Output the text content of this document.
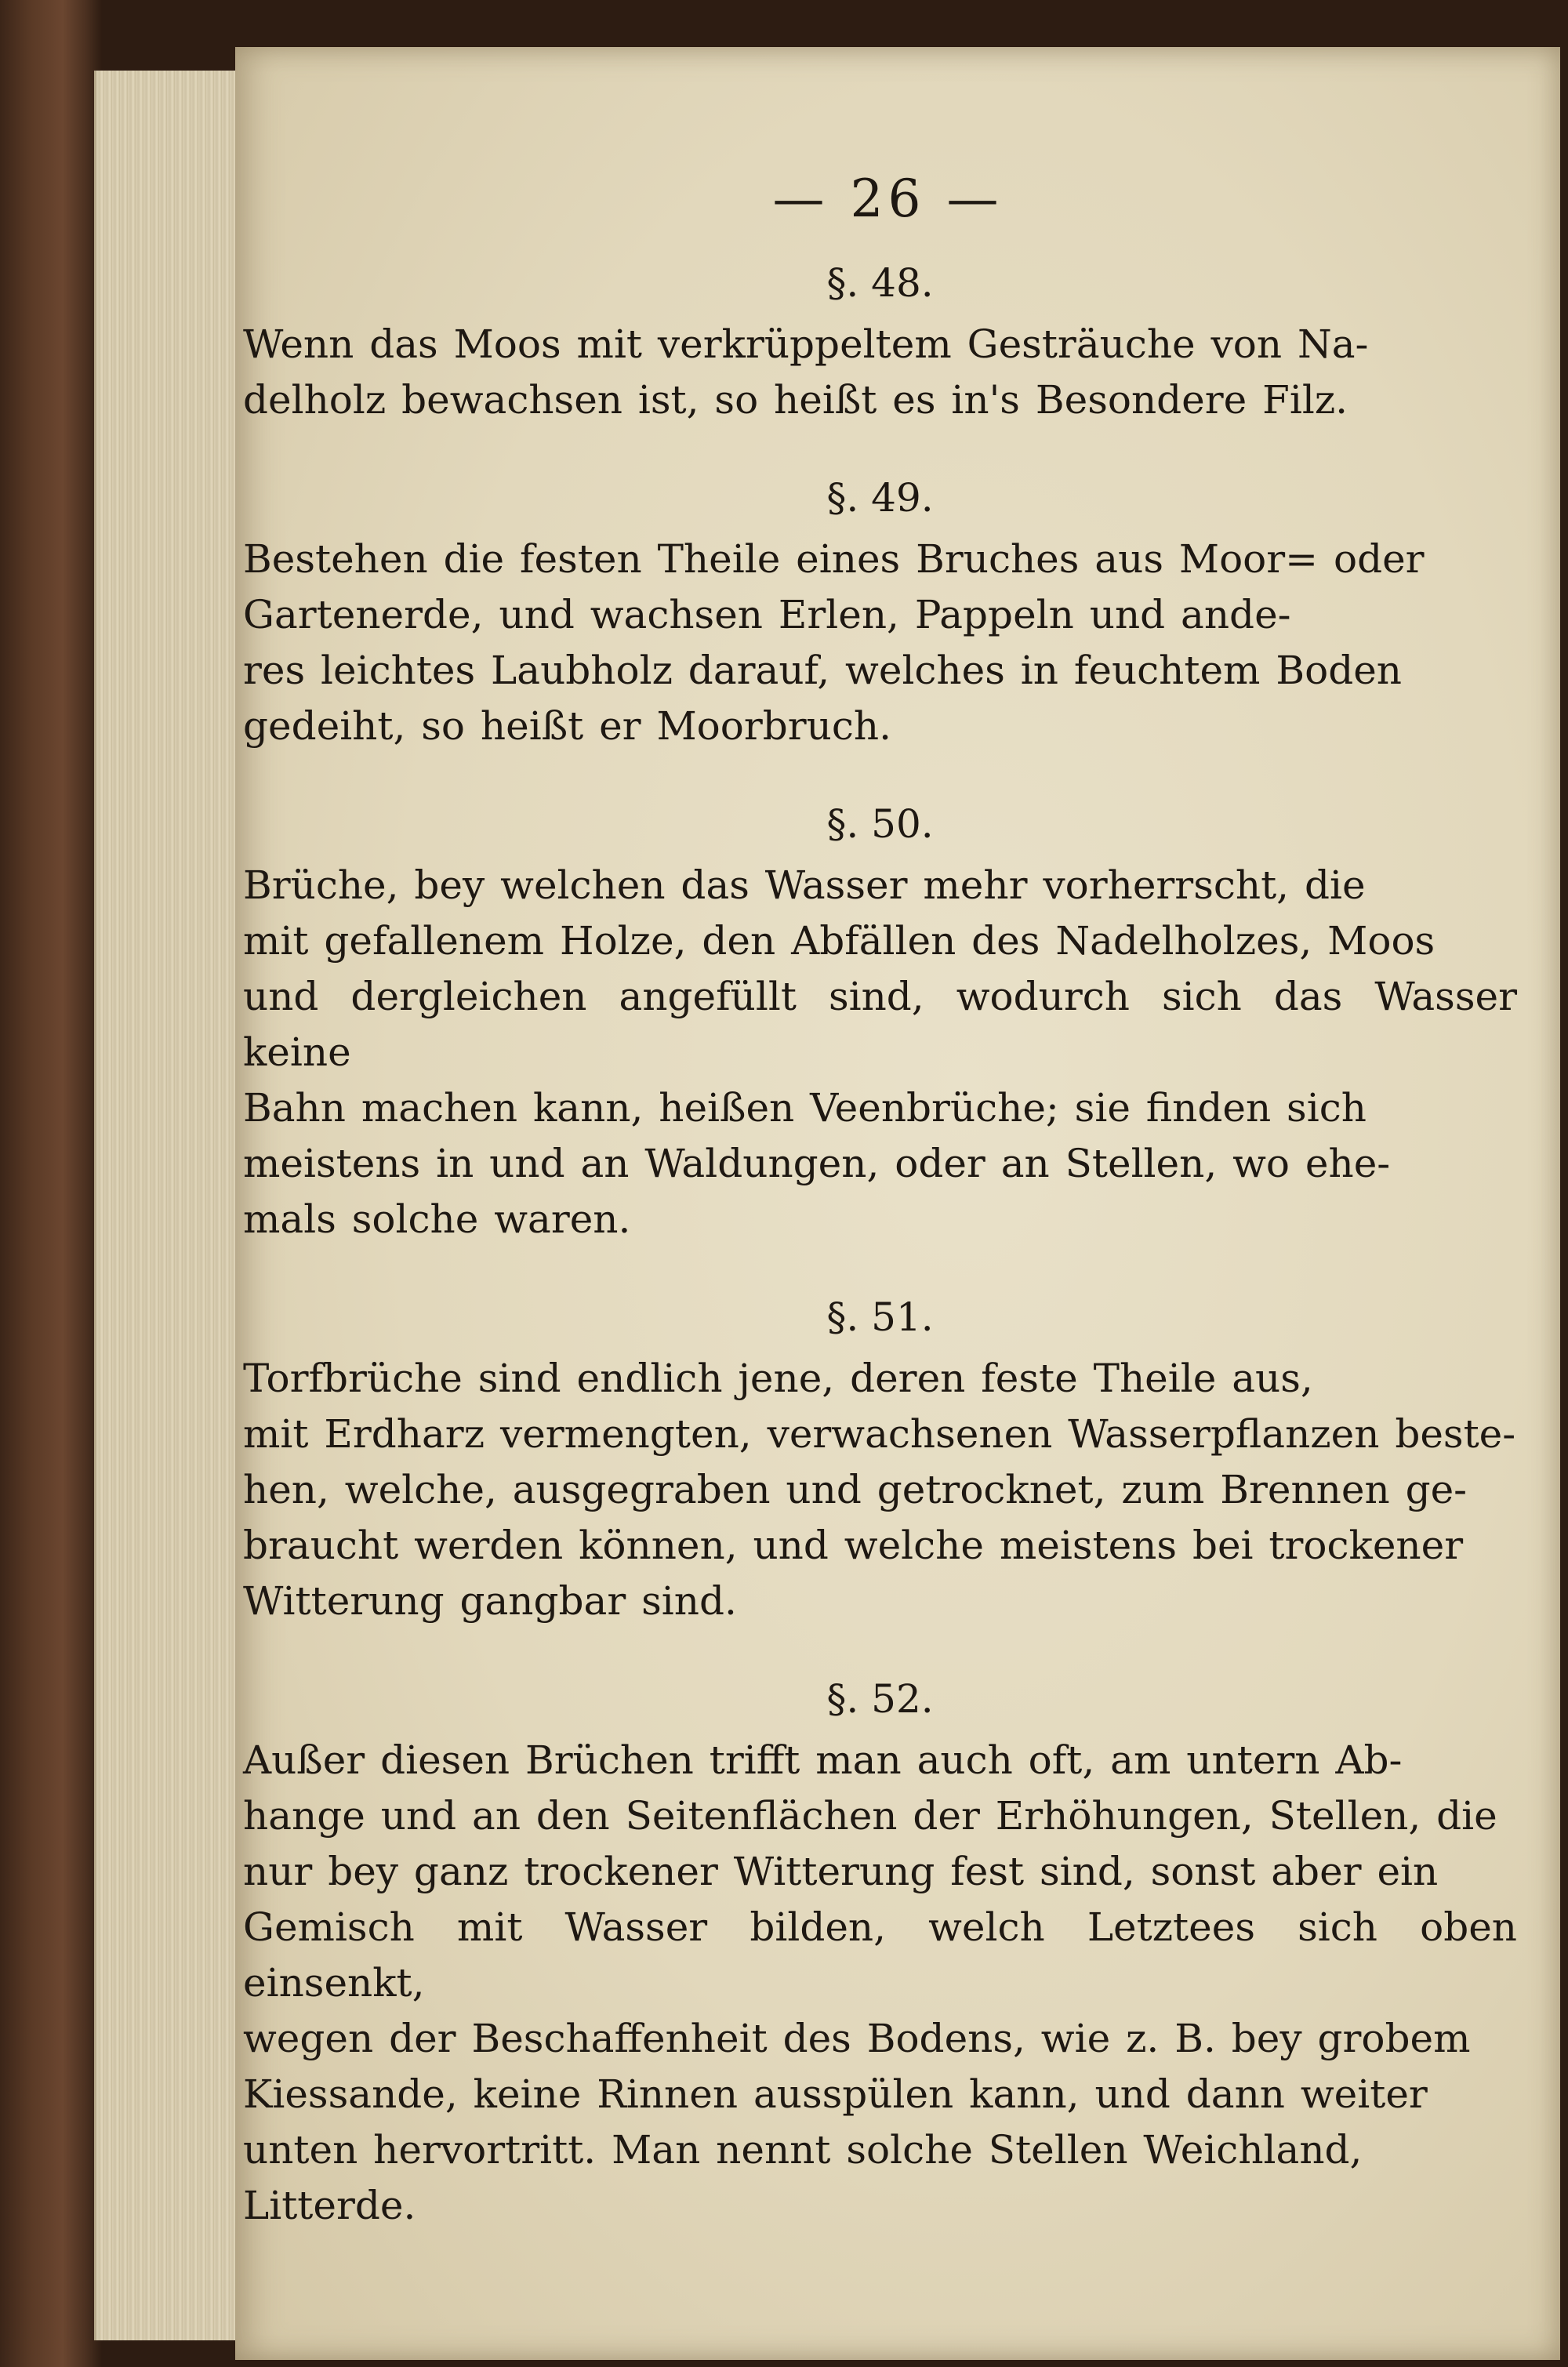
— 26 —
§. 48.
Wenn das Moos mit verkrüppeltem Gesträuche von Na-
delholz bewachsen ist, so heißt es in's Besondere Filz.
§. 49.
Bestehen die festen Theile eines Bruches aus Moor= oder
Gartenerde, und wachsen Erlen, Pappeln und ande-
res leichtes Laubholz darauf, welches in feuchtem Boden
gedeiht, so heißt er Moorbruch.
§. 50.
Brüche, bey welchen das Wasser mehr vorherrscht, die
mit gefallenem Holze, den Abfällen des Nadelholzes, Moos
und dergleichen angefüllt sind, wodurch sich das Wasser keine
Bahn machen kann, heißen Veenbrüche; sie finden sich
meistens in und an Waldungen, oder an Stellen, wo ehe-
mals solche waren.
§. 51.
Torfbrüche sind endlich jene, deren feste Theile aus,
mit Erdharz vermengten, verwachsenen Wasserpflanzen beste-
hen, welche, ausgegraben und getrocknet, zum Brennen ge-
braucht werden können, und welche meistens bei trockener
Witterung gangbar sind.
§. 52.
Außer diesen Brüchen trifft man auch oft, am untern Ab-
hange und an den Seitenflächen der Erhöhungen, Stellen, die
nur bey ganz trockener Witterung fest sind, sonst aber ein
Gemisch mit Wasser bilden, welch Letztees sich oben einsenkt,
wegen der Beschaffenheit des Bodens, wie z. B. bey grobem
Kiessande, keine Rinnen ausspülen kann, und dann weiter
unten hervortritt. Man nennt solche Stellen Weichland,
Litterde.
